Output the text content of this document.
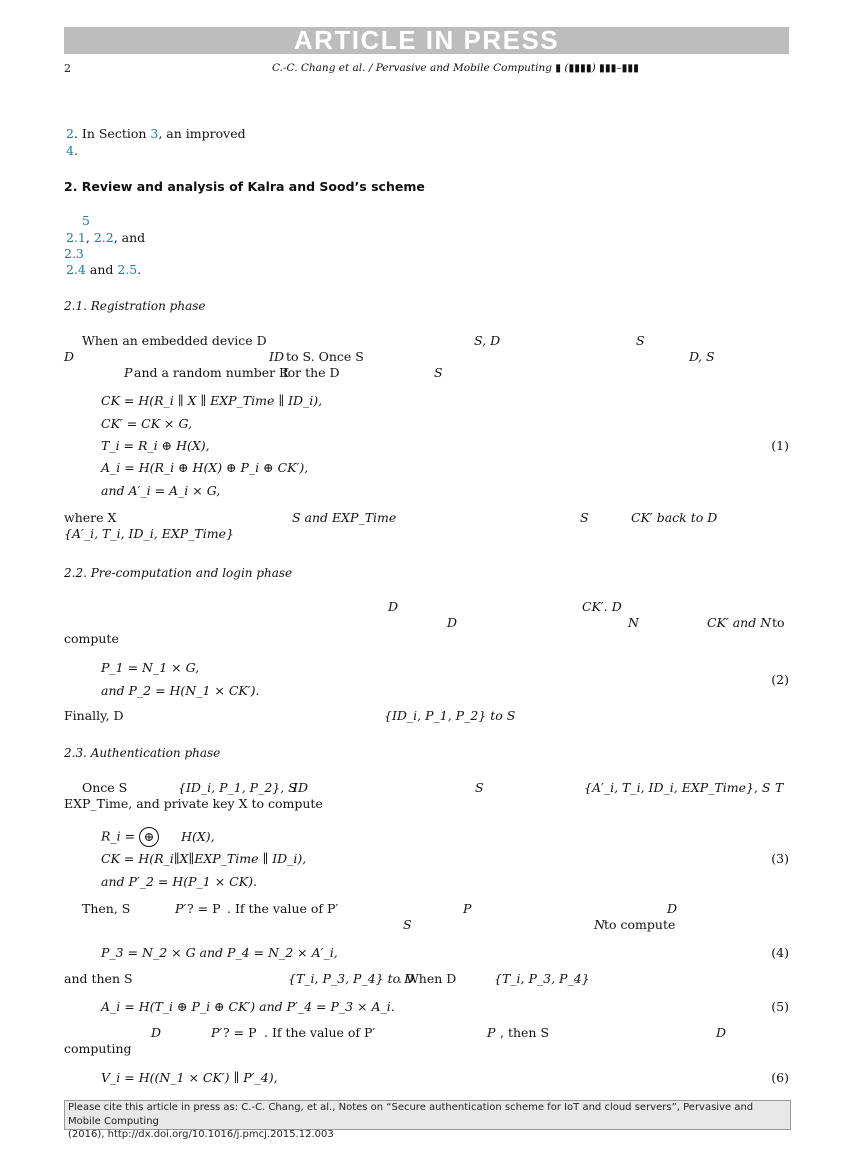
ARTICLE IN PRESS
2	C.-C. Chang et al. / Pervasive and Mobile Computing ▮ (▮▮▮▮) ▮▮▮–▮▮▮
2. In Section 3, an improved
4.
2. Review and analysis of Kalra and Sood’s scheme
5
2.1, 2.2, and
2.3
2.4 and 2.5.
2.1. Registration phase
When an embedded device D	S, D	S
D	ID to S. Once S	D
, S
P and a random number R
for the D	S
CK = H(R_i ∥ X ∥ EXP_Time ∥ ID_i),
CK′ = CK × G,
T_i = R_i ⊕ H(X),	(1)
A_i = H(R_i ⊕ H(X) ⊕ P_i ⊕ CK′),
and A′_i = A_i × G,
where X	S and EXP_Time	S	CK′ back to D
{A′_i, T_i, ID_i, EXP_Time}
2.2. Pre-computation and login phase
D	CK′. D
D	N	CK′ and N to
compute
P_1 = N_1 × G,
and P_2 = H(N_1 × CK′).
(2)
Finally, D	{ID_i, P_1, P_2} to S
2.3. Authentication phase
Once S	{ID_i, P_1, P_2}, S
ID	S	{A′_i, T_i, ID_i, EXP_Time}, S T
EXP_Time, and private key X to compute
R_i = ⊕ H(X),
CK = H(R_i∥X∥EXP_Time ∥ ID_i),	(3)
and P′_2 = H(P_1 × CK).
Then, S	P′ ? = P . If the value of P′	P	D
S	N to compute
P_3 = N_2 × G and P_4 = N_2 × A′_i,	(4)
and then S	{T_i, P_3, P_4} to D
. When D	{T_i, P_3, P_4}
A_i = H(T_i ⊕ P_i ⊕ CK′) and P′_4 = P_3 × A_i.	(5)
D	P′ ? = P . If the value of P′	P , then S	D
computing
V_i = H((N_1 × CK′) ∥ P′_4),	(6)
Please cite this article in press as: C.-C. Chang, et al., Notes on “Secure authentication scheme for IoT and cloud servers”, Pervasive and Mobile Computing
(2016), http://dx.doi.org/10.1016/j.pmcj.2015.12.003
